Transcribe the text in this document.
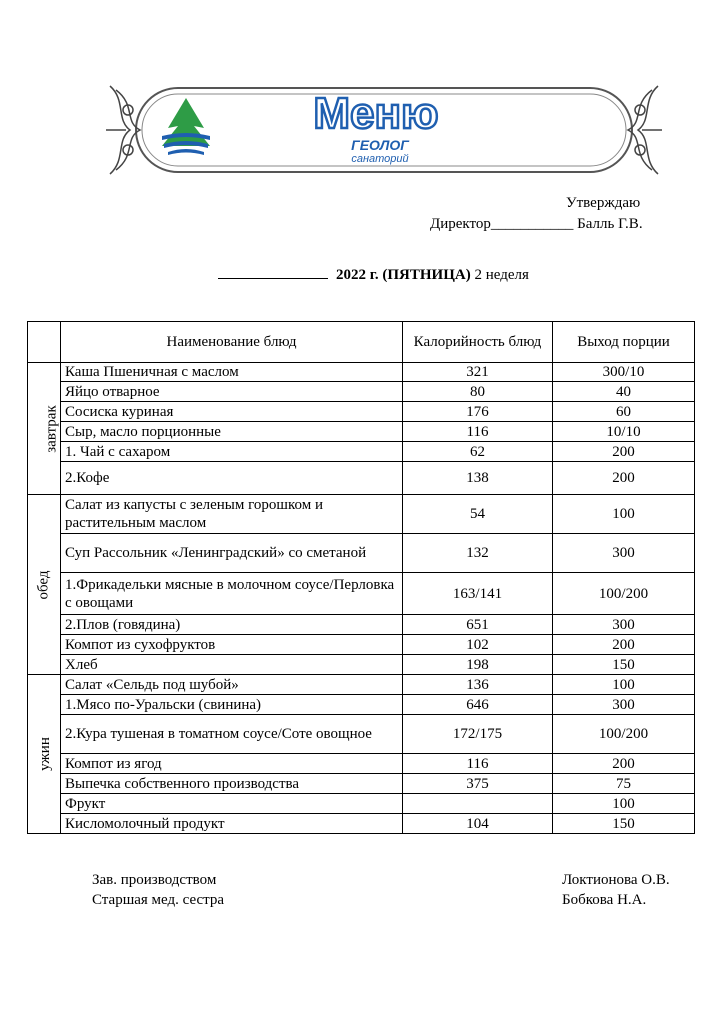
Меню
ГЕОЛОГ
санаторий
Утверждаю
Директор___________ Балль Г.В.
2022 г. (ПЯТНИЦА) 2 неделя
	Наименование блюд	Калорийность блюд	Выход порции
завтрак	Каша Пшеничная с маслом	321	300/10
	Яйцо отварное	80	40
	Сосиска куриная	176	60
	Сыр, масло порционные	116	10/10
	1. Чай с сахаром	62	200
	2.Кофе	138	200
обед	Салат из капусты с зеленым горошком и растительным маслом	54	100
	Суп Рассольник «Ленинградский» со сметаной	132	300
	1.Фрикадельки мясные в молочном соусе/Перловка с овощами	163/141	100/200
	2.Плов (говядина)	651	300
	Компот из сухофруктов	102	200
	Хлеб	198	150
ужин	Салат «Сельдь под шубой»	136	100
	1.Мясо по-Уральски (свинина)	646	300
	2.Кура тушеная в томатном соусе/Соте овощное	172/175	100/200
	Компот из ягод	116	200
	Выпечка собственного производства	375	75
	Фрукт		100
	Кисломолочный продукт	104	150
Зав. производством
Старшая мед. сестра
Локтионова О.В.
Бобкова Н.А.
